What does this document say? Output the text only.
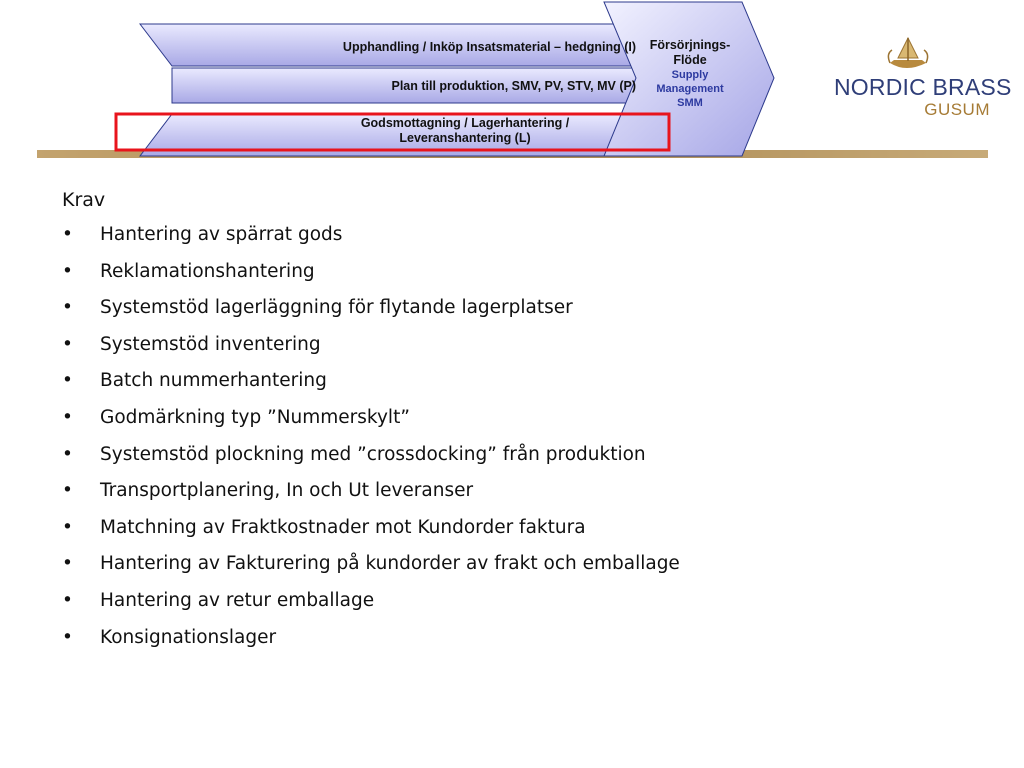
Upphandling / Inköp Insatsmaterial – hedgning (I)
Plan till produktion, SMV, PV, STV, MV (P)
Godsmottagning / Lagerhantering /
Leveranshantering (L)
Försörjnings-
Flöde
Supply
Management
SMM
NORDIC BRASS
GUSUM
Krav
• Hantering av spärrat gods
• Reklamationshantering
• Systemstöd lagerläggning för flytande lagerplatser
• Systemstöd inventering
• Batch nummerhantering
• Godmärkning typ ”Nummerskylt”
• Systemstöd plockning med ”crossdocking” från produktion
• Transportplanering, In och Ut leveranser
• Matchning av Fraktkostnader mot Kundorder faktura
• Hantering av Fakturering på kundorder av frakt och emballage
• Hantering av retur emballage
• Konsignationslager
